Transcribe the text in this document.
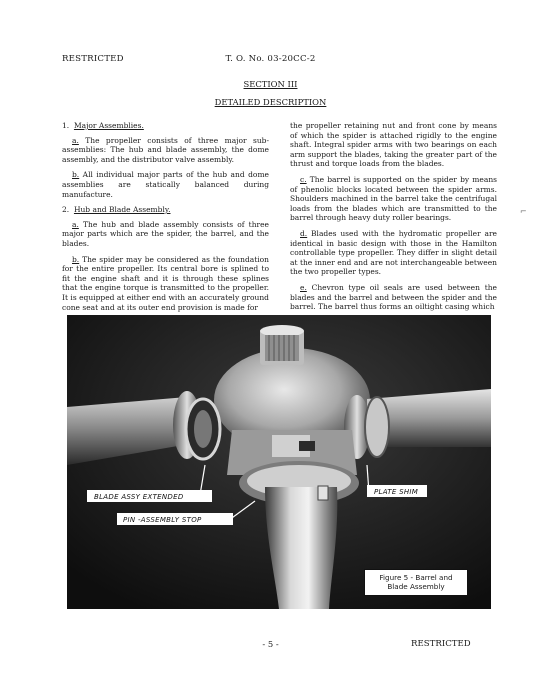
RESTRICTED	T. O. No. 03-20CC-2
SECTION III
DETAILED DESCRIPTION

1. Major Assemblies.

a. The propeller consists of three major sub-assemblies: The hub and blade assembly, the dome assembly, and the distributor valve assembly.

b. All individual major parts of the hub and dome assemblies are statically balanced during manufacture.

2. Hub and Blade Assembly.

a. The hub and blade assembly consists of three major parts which are the spider, the barrel, and the blades.

b. The spider may be considered as the foundation for the entire propeller. Its central bore is splined to fit the engine shaft and it is through these splines that the engine torque is transmitted to the propeller. It is equipped at either end with an accurately ground cone seat and at its outer end provision is made for

the propeller retaining nut and front cone by means of which the spider is attached rigidly to the engine shaft. Integral spider arms with two bearings on each arm support the blades, taking the greater part of the thrust and torque loads from the blades.

c. The barrel is supported on the spider by means of phenolic blocks located between the spider arms. Shoulders machined in the barrel take the centrifugal loads from the blades which are transmitted to the barrel through heavy duty roller bearings.

d. Blades used with the hydromatic propeller are identical in basic design with those in the Hamilton controllable type propeller. They differ in slight detail at the inner end and are not interchangeable between the two propeller types.

e. Chevron type oil seals are used between the blades and the barrel and between the spider and the barrel. The barrel thus forms an oiltight casing which

⌐
BLADE ASSY EXTENDED
PIN -ASSEMBLY STOP
PLATE SHIM
Figure 5 - Barrel and
Blade Assembly
- 5 -	RESTRICTED
